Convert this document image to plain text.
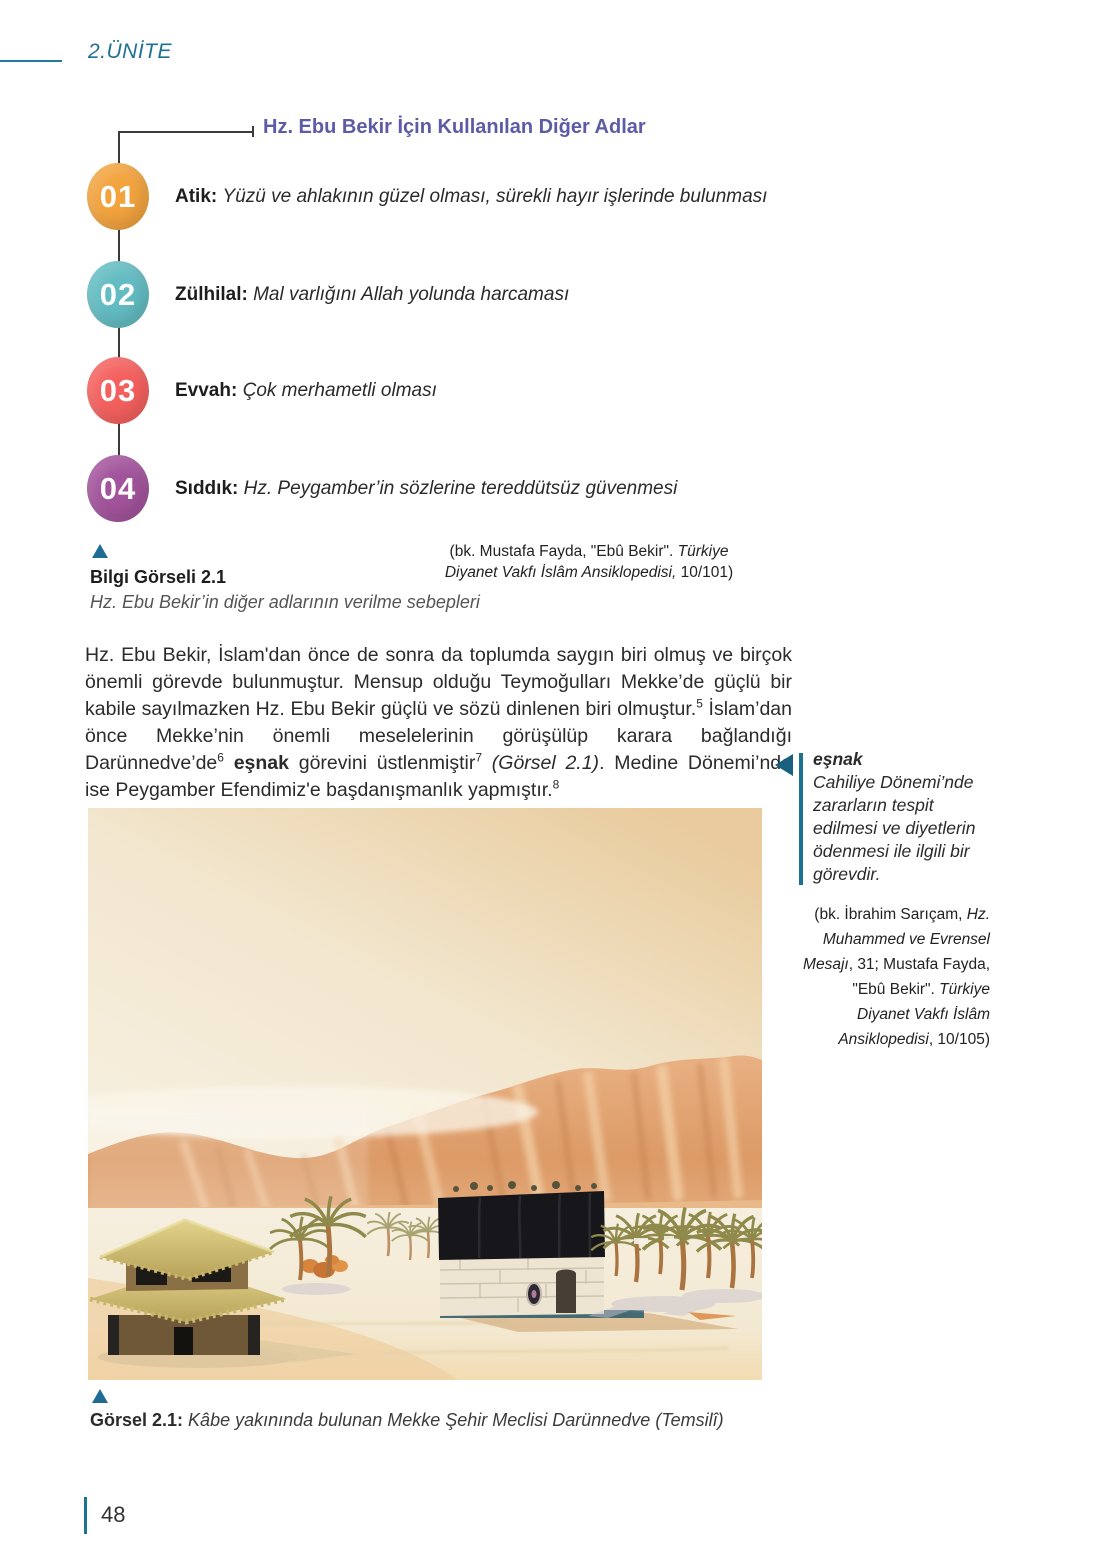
2.ÜNİTE
Hz. Ebu Bekir İçin Kullanılan Diğer Adlar
01	Atik: Yüzü ve ahlakının güzel olması, sürekli hayır işlerinde bulunması
02	Zülhilal: Mal varlığını Allah yolunda harcaması
03	Evvah: Çok merhametli olması
04	Sıddık: Hz. Peygamber’in sözlerine tereddütsüz güvenmesi
(bk. Mustafa Fayda, "Ebû Bekir". Türkiye Diyanet Vakfı İslâm Ansiklopedisi, 10/101)
Bilgi Görseli 2.1
Hz. Ebu Bekir’in diğer adlarının verilme sebepleri
Hz. Ebu Bekir, İslam'dan önce de sonra da toplumda saygın biri olmuş ve birçok önemli görevde bulunmuştur. Mensup olduğu Teymoğulları Mekke’de güçlü bir kabile sayılmazken Hz. Ebu Bekir güçlü ve sözü dinlenen biri olmuştur.$^5$ İslam’dan önce Mekke’nin önemli meselelerinin görüşülüp karara bağlandığı $Darünnedve’de^6$ eşnak görevini üstlenmiştir$^7$ (Görsel 2.1). Medine Dönemi’nde ise Peygamber Efendimiz'e başdanışmanlık yapmıştır.$^8$
eşnak
Cahiliye Dönemi’nde zararların tespit edilmesi ve diyetlerin ödenmesi ile ilgili bir görevdir.
(bk. İbrahim Sarıçam, Hz. Muhammed ve Evrensel Mesajı, 31; Mustafa Fayda, "Ebû Bekir". Türkiye Diyanet Vakfı İslâm Ansiklopedisi, 10/105)
Görsel 2.1: Kâbe yakınında bulunan Mekke Şehir Meclisi Darünnedve (Temsilî)
48
